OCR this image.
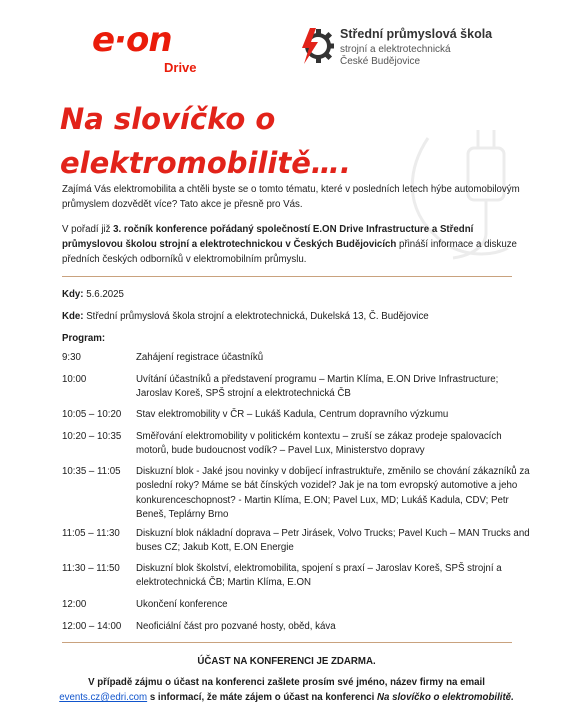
e·on
Drive
Střední průmyslová škola
strojní a elektrotechnická
České Budějovice
Na slovíčko o
elektromobilitě….
Zajímá Vás elektromobilita a chtěli byste se o tomto tématu, které v posledních letech hýbe automobilovým průmyslem dozvědět více? Tato akce je přesně pro Vás.
V pořadí již 3. ročník konference pořádaný společností E.ON Drive Infrastructure a Střední průmyslovou školou strojní a elektrotechnickou v Českých Budějovicích přináší informace a diskuze předních českých odborníků v elektromobilním průmyslu.
Kdy: 5.6.2025
Kde: Střední průmyslová škola strojní a elektrotechnická, Dukelská 13, Č. Budějovice
Program:
9:30	Zahájení registrace účastníků
10:00	Uvítání účastníků a představení programu – Martin Klíma, E.ON Drive Infrastructure; Jaroslav Koreš, SPŠ strojní a elektrotechnická ČB
10:05 – 10:20	Stav elektromobility v ČR – Lukáš Kadula, Centrum dopravního výzkumu
10:20 – 10:35	Směřování elektromobility v politickém kontextu – zruší se zákaz prodeje spalovacích motorů, bude budoucnost vodík? – Pavel Lux, Ministerstvo dopravy
10:35 – 11:05	Diskuzní blok - Jaké jsou novinky v dobíjecí infrastruktuře, změnilo se chování zákazníků za poslední roky? Máme se bát čínských vozidel? Jak je na tom evropský automotive a jeho konkurenceschopnost? - Martin Klíma, E.ON; Pavel Lux, MD; Lukáš Kadula, CDV; Petr Beneš, Teplárny Brno
11:05 – 11:30	Diskuzní blok nákladní doprava – Petr Jirásek, Volvo Trucks; Pavel Kuch – MAN Trucks and buses CZ; Jakub Kott, E.ON Energie
11:30 – 11:50	Diskuzní blok školství, elektromobilita, spojení s praxí – Jaroslav Koreš, SPŠ strojní a elektrotechnická ČB; Martin Klíma, E.ON
12:00	Ukončení konference
12:00 – 14:00	Neoficiální část pro pozvané hosty, oběd, káva
ÚČAST NA KONFERENCI JE ZDARMA.
V případě zájmu o účast na konferenci zašlete prosím své jméno, název firmy na email
events.cz@edri.com s informací, že máte zájem o účast na konferenci Na slovíčko o elektromobilitě.
